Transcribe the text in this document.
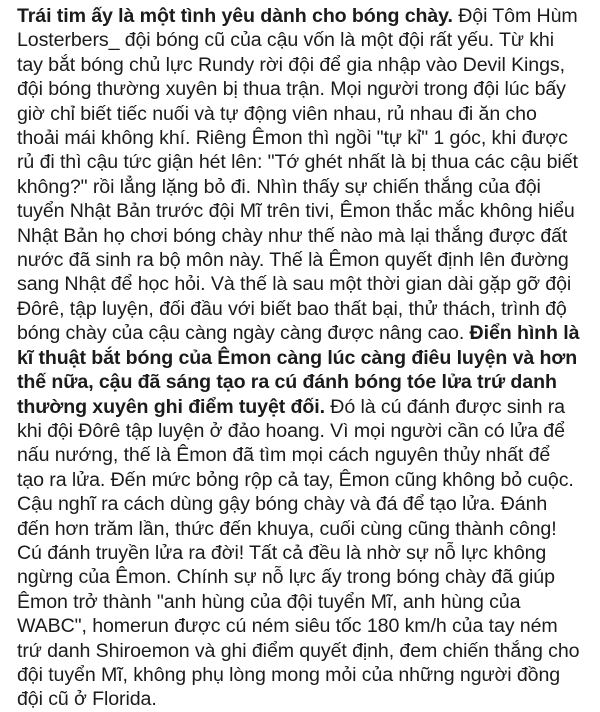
Trái tim ấy là một tình yêu dành cho bóng chày. Đội Tôm Hùm Losterbers_ đội bóng cũ của cậu vốn là một đội rất yếu. Từ khi tay bắt bóng chủ lực Rundy rời đội để gia nhập vào Devil Kings, đội bóng thường xuyên bị thua trận. Mọi người trong đội lúc bấy giờ chỉ biết tiếc nuối và tự động viên nhau, rủ nhau đi ăn cho thoải mái không khí. Riêng Êmon thì ngồi "tự kỉ" 1 góc, khi được rủ đi thì cậu tức giận hét lên: "Tớ ghét nhất là bị thua các cậu biết không?" rồi lẳng lặng bỏ đi. Nhìn thấy sự chiến thắng của đội tuyển Nhật Bản trước đội Mĩ trên tivi, Êmon thắc mắc không hiểu Nhật Bản họ chơi bóng chày như thế nào mà lại thắng được đất nước đã sinh ra bộ môn này. Thế là Êmon quyết định lên đường sang Nhật để học hỏi. Và thế là sau một thời gian dài gặp gỡ đội Đôrê, tập luyện, đối đầu với biết bao thất bại, thử thách, trình độ bóng chày của cậu càng ngày càng được nâng cao. Điển hình là kĩ thuật bắt bóng của Êmon càng lúc càng điêu luyện và hơn thế nữa, cậu đã sáng tạo ra cú đánh bóng tóe lửa trứ danh thường xuyên ghi điểm tuyệt đối. Đó là cú đánh được sinh ra khi đội Đôrê tập luyện ở đảo hoang. Vì mọi người cần có lửa để nấu nướng, thế là Êmon đã tìm mọi cách nguyên thủy nhất để tạo ra lửa. Đến mức bỏng rộp cả tay, Êmon cũng không bỏ cuộc. Cậu nghĩ ra cách dùng gậy bóng chày và đá để tạo lửa. Đánh đến hơn trăm lần, thức đến khuya, cuối cùng cũng thành công! Cú đánh truyền lửa ra đời! Tất cả đều là nhờ sự nỗ lực không ngừng của Êmon. Chính sự nỗ lực ấy trong bóng chày đã giúp Êmon trở thành "anh hùng của đội tuyển Mĩ, anh hùng của WABC", homerun được cú ném siêu tốc 180 km/h của tay ném trứ danh Shiroemon và ghi điểm quyết định, đem chiến thắng cho đội tuyển Mĩ, không phụ lòng mong mỏi của những người đồng đội cũ ở Florida.
